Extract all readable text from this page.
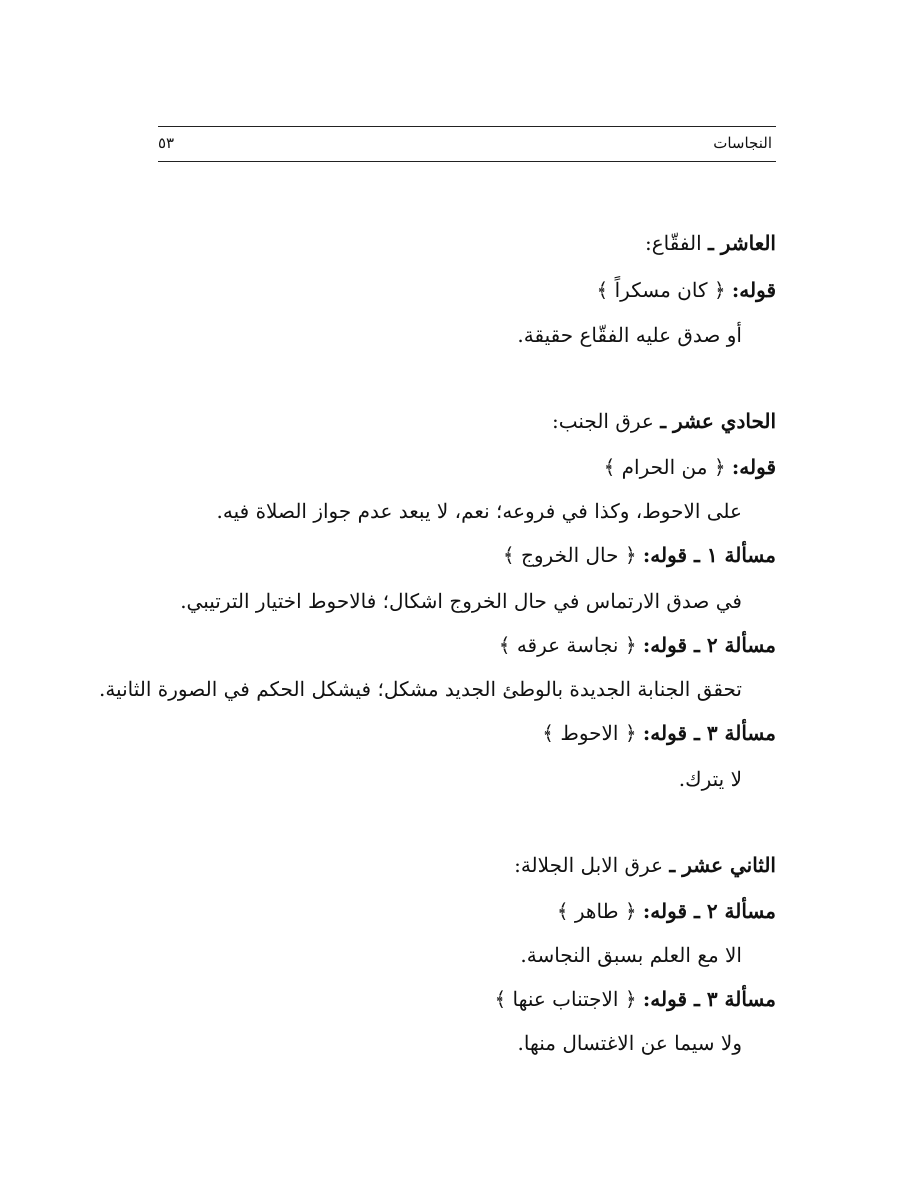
النجاسات
٥٣
العاشر ـ الفقّاع:
قوله: ﴿ كان مسكراً ﴾
أو صدق عليه الفقّاع حقيقة.
الحادي عشر ـ عرق الجنب:
قوله: ﴿ من الحرام ﴾
على الاحوط، وكذا في فروعه؛ نعم، لا يبعد عدم جواز الصلاة فيه.
مسألة ١ ـ قوله: ﴿ حال الخروج ﴾
في صدق الارتماس في حال الخروج اشكال؛ فالاحوط اختيار الترتيبي.
مسألة ٢ ـ قوله: ﴿ نجاسة عرقه ﴾
تحقق الجنابة الجديدة بالوطئ الجديد مشكل؛ فيشكل الحكم في الصورة الثانية.
مسألة ٣ ـ قوله: ﴿ الاحوط ﴾
لا يترك.
الثاني عشر ـ عرق الابل الجلالة:
مسألة ٢ ـ قوله: ﴿ طاهر ﴾
الا مع العلم بسبق النجاسة.
مسألة ٣ ـ قوله: ﴿ الاجتناب عنها ﴾
ولا سيما عن الاغتسال منها.
